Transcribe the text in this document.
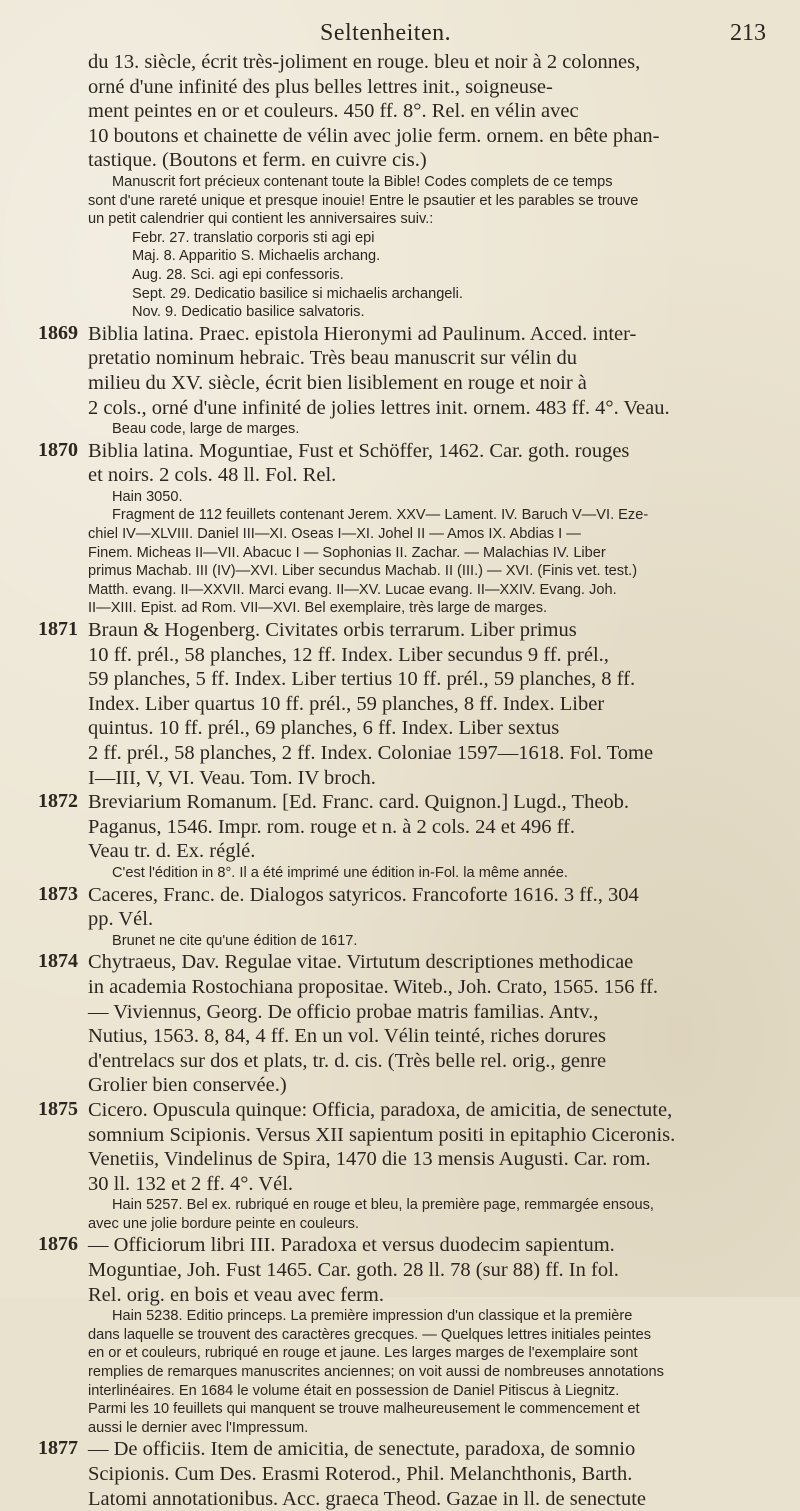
Seltenheiten.	213
du 13. siècle, écrit très-joliment en rouge. bleu et noir à 2 colonnes,
orné d'une infinité des plus belles lettres init., soigneuse-
ment peintes en or et couleurs. 450 ff. 8°. Rel. en vélin avec
10 boutons et chainette de vélin avec jolie ferm. ornem. en bête phan-
tastique. (Boutons et ferm. en cuivre cis.)
Manuscrit fort précieux contenant toute la Bible! Codes complets de ce temps
sont d'une rareté unique et presque inouie! Entre le psautier et les parables se trouve
un petit calendrier qui contient les anniversaires suiv.:
Febr. 27. translatio corporis sti agi epi
Maj. 8. Apparitio S. Michaelis archang.
Aug. 28. Sci. agi epi confessoris.
Sept. 29. Dedicatio basilice si michaelis archangeli.
Nov. 9. Dedicatio basilice salvatoris.
1869 Biblia latina. Praec. epistola Hieronymi ad Paulinum. Acced. inter-
pretatio nominum hebraic. Très beau manuscrit sur vélin du
milieu du XV. siècle, écrit bien lisiblement en rouge et noir à
2 cols., orné d'une infinité de jolies lettres init. ornem. 483 ff. 4°. Veau.
Beau code, large de marges.
1870 Biblia latina. Moguntiae, Fust et Schöffer, 1462. Car. goth. rouges
et noirs. 2 cols. 48 ll. Fol. Rel.
Hain 3050.
Fragment de 112 feuillets contenant Jerem. XXV— Lament. IV. Baruch V—VI. Eze-
chiel IV—XLVIII. Daniel III—XI. Oseas I—XI. Johel II — Amos IX. Abdias I —
Finem. Micheas II—VII. Abacuc I — Sophonias II. Zachar. — Malachias IV. Liber
primus Machab. III (IV)—XVI. Liber secundus Machab. II (III.) — XVI. (Finis vet. test.)
Matth. evang. II—XXVII. Marci evang. II—XV. Lucae evang. II—XXIV. Evang. Joh.
II—XIII. Epist. ad Rom. VII—XVI. Bel exemplaire, très large de marges.
1871 Braun & Hogenberg. Civitates orbis terrarum. Liber primus
10 ff. prél., 58 planches, 12 ff. Index. Liber secundus 9 ff. prél.,
59 planches, 5 ff. Index. Liber tertius 10 ff. prél., 59 planches, 8 ff.
Index. Liber quartus 10 ff. prél., 59 planches, 8 ff. Index. Liber
quintus. 10 ff. prél., 69 planches, 6 ff. Index. Liber sextus
2 ff. prél., 58 planches, 2 ff. Index. Coloniae 1597—1618. Fol. Tome
I—III, V, VI. Veau. Tom. IV broch.
1872 Breviarium Romanum. [Ed. Franc. card. Quignon.] Lugd., Theob.
Paganus, 1546. Impr. rom. rouge et n. à 2 cols. 24 et 496 ff.
Veau tr. d. Ex. réglé.
C'est l'édition in 8°. Il a été imprimé une édition in-Fol. la même année.
1873 Caceres, Franc. de. Dialogos satyricos. Francoforte 1616. 3 ff., 304
pp. Vél.
Brunet ne cite qu'une édition de 1617.
1874 Chytraeus, Dav. Regulae vitae. Virtutum descriptiones methodicae
in academia Rostochiana propositae. Witeb., Joh. Crato, 1565. 156 ff.
— Viviennus, Georg. De officio probae matris familias. Antv.,
Nutius, 1563. 8, 84, 4 ff. En un vol. Vélin teinté, riches dorures
d'entrelacs sur dos et plats, tr. d. cis. (Très belle rel. orig., genre
Grolier bien conservée.)
1875 Cicero. Opuscula quinque: Officia, paradoxa, de amicitia, de senectute,
somnium Scipionis. Versus XII sapientum positi in epitaphio Ciceronis.
Venetiis, Vindelinus de Spira, 1470 die 13 mensis Augusti. Car. rom.
30 ll. 132 et 2 ff. 4°. Vél.
Hain 5257. Bel ex. rubriqué en rouge et bleu, la première page, remmargée ensous,
avec une jolie bordure peinte en couleurs.
1876 — Officiorum libri III. Paradoxa et versus duodecim sapientum.
Moguntiae, Joh. Fust 1465. Car. goth. 28 ll. 78 (sur 88) ff. In fol.
Rel. orig. en bois et veau avec ferm.
Hain 5238. Editio princeps. La première impression d'un classique et la première
dans laquelle se trouvent des caractères grecques. — Quelques lettres initiales peintes
en or et couleurs, rubriqué en rouge et jaune. Les larges marges de l'exemplaire sont
remplies de remarques manuscrites anciennes; on voit aussi de nombreuses annotations
interlinéaires. En 1684 le volume était en possession de Daniel Pitiscus à Liegnitz.
Parmi les 10 feuillets qui manquent se trouve malheureusement le commencement et
aussi le dernier avec l'Impressum.
1877 — De officiis. Item de amicitia, de senectute, paradoxa, de somnio
Scipionis. Cum Des. Erasmi Roterod., Phil. Melanchthonis, Barth.
Latomi annotationibus. Acc. graeca Theod. Gazae in ll. de senectute
